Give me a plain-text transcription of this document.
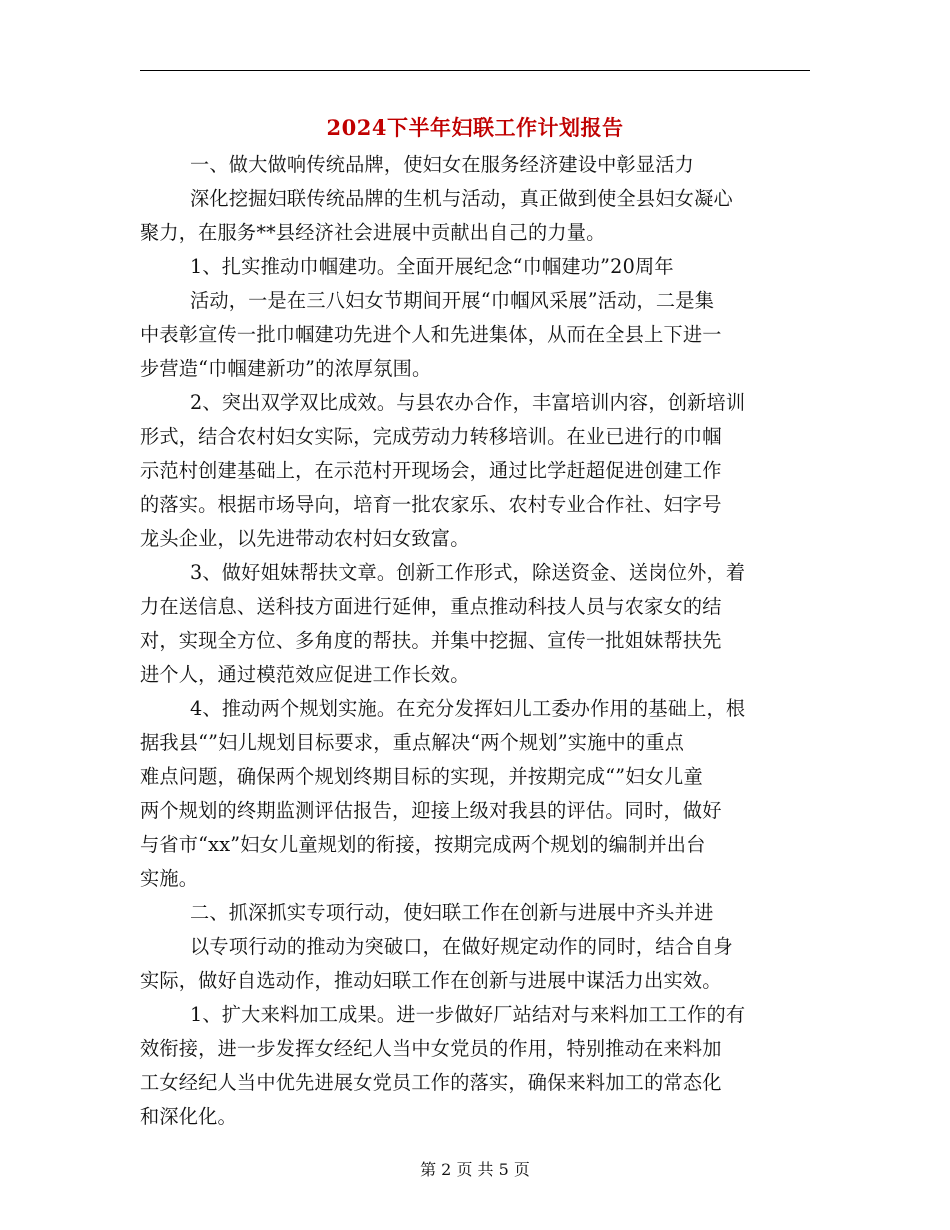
2024下半年妇联工作计划报告
一、做大做响传统品牌，使妇女在服务经济建设中彰显活力
深化挖掘妇联传统品牌的生机与活动，真正做到使全县妇女凝心
聚力，在服务**县经济社会进展中贡献出自己的力量。
1、扎实推动巾帼建功。全面开展纪念“巾帼建功”20周年
活动，一是在三八妇女节期间开展“巾帼风采展”活动，二是集
中表彰宣传一批巾帼建功先进个人和先进集体，从而在全县上下进一
步营造“巾帼建新功”的浓厚氛围。
2、突出双学双比成效。与县农办合作，丰富培训内容，创新培训
形式，结合农村妇女实际，完成劳动力转移培训。在业已进行的巾帼
示范村创建基础上，在示范村开现场会，通过比学赶超促进创建工作
的落实。根据市场导向，培育一批农家乐、农村专业合作社、妇字号
龙头企业，以先进带动农村妇女致富。
3、做好姐妹帮扶文章。创新工作形式，除送资金、送岗位外，着
力在送信息、送科技方面进行延伸，重点推动科技人员与农家女的结
对，实现全方位、多角度的帮扶。并集中挖掘、宣传一批姐妹帮扶先
进个人，通过模范效应促进工作长效。
4、推动两个规划实施。在充分发挥妇儿工委办作用的基础上，根
据我县“”妇儿规划目标要求，重点解决“两个规划”实施中的重点
难点问题，确保两个规划终期目标的实现，并按期完成“”妇女儿童
两个规划的终期监测评估报告，迎接上级对我县的评估。同时，做好
与省市“xx”妇女儿童规划的衔接，按期完成两个规划的编制并出台
实施。
二、抓深抓实专项行动，使妇联工作在创新与进展中齐头并进
以专项行动的推动为突破口，在做好规定动作的同时，结合自身
实际，做好自选动作，推动妇联工作在创新与进展中谋活力出实效。
1、扩大来料加工成果。进一步做好厂站结对与来料加工工作的有
效衔接，进一步发挥女经纪人当中女党员的作用，特别推动在来料加
工女经纪人当中优先进展女党员工作的落实，确保来料加工的常态化
和深化化。
第 2 页 共 5 页
